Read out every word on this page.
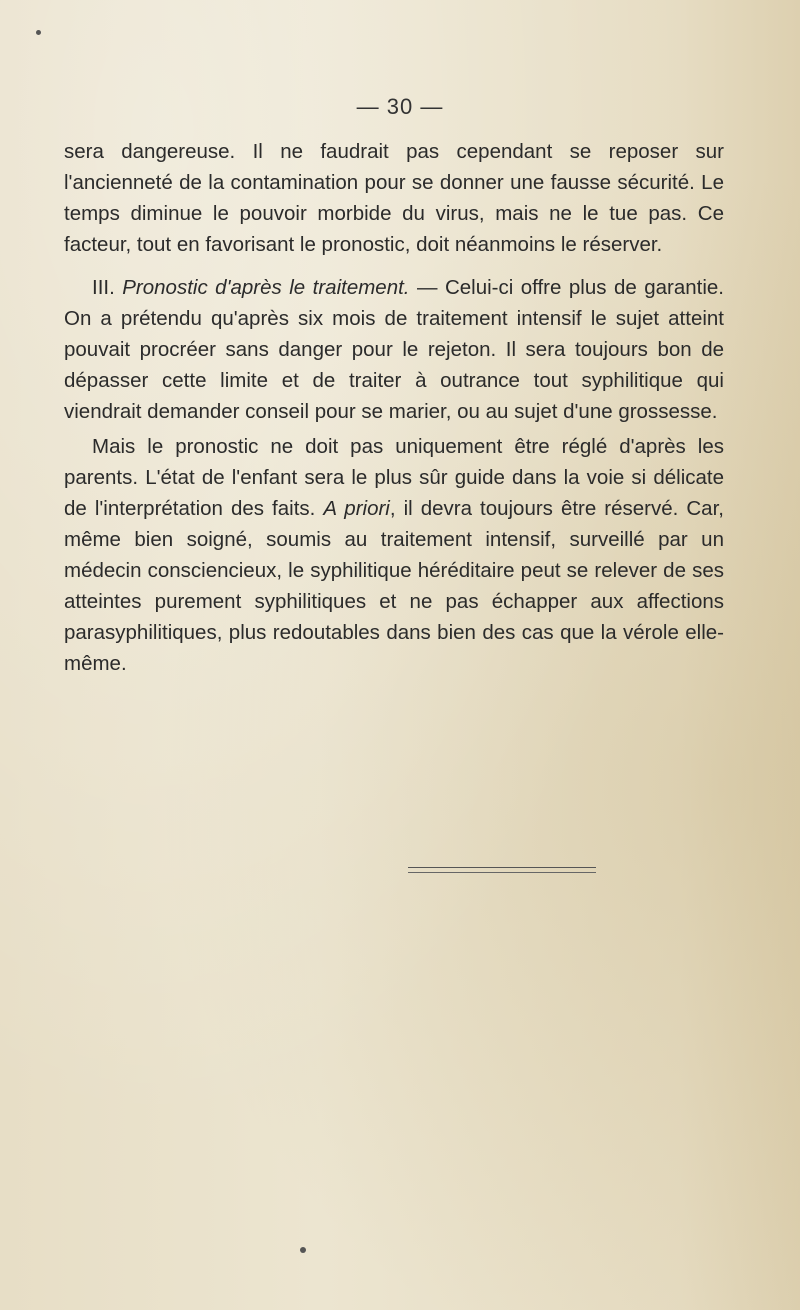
— 30 —

sera dangereuse. Il ne faudrait pas cependant se reposer sur l'ancienneté de la contamination pour se donner une fausse sécurité. Le temps diminue le pouvoir morbide du virus, mais ne le tue pas. Ce facteur, tout en favorisant le pronostic, doit néanmoins le réserver.

III. Pronostic d'après le traitement. — Celui-ci offre plus de garantie. On a prétendu qu'après six mois de traitement intensif le sujet atteint pouvait procréer sans danger pour le rejeton. Il sera toujours bon de dépasser cette limite et de traiter à outrance tout syphilitique qui viendrait demander conseil pour se marier, ou au sujet d'une grossesse.

Mais le pronostic ne doit pas uniquement être réglé d'après les parents. L'état de l'enfant sera le plus sûr guide dans la voie si délicate de l'interprétation des faits. A priori, il devra toujours être réservé. Car, même bien soigné, soumis au traitement intensif, surveillé par un médecin consciencieux, le syphilitique héréditaire peut se relever de ses atteintes purement syphilitiques et ne pas échapper aux affections parasyphilitiques, plus redoutables dans bien des cas que la vérole elle-même.
